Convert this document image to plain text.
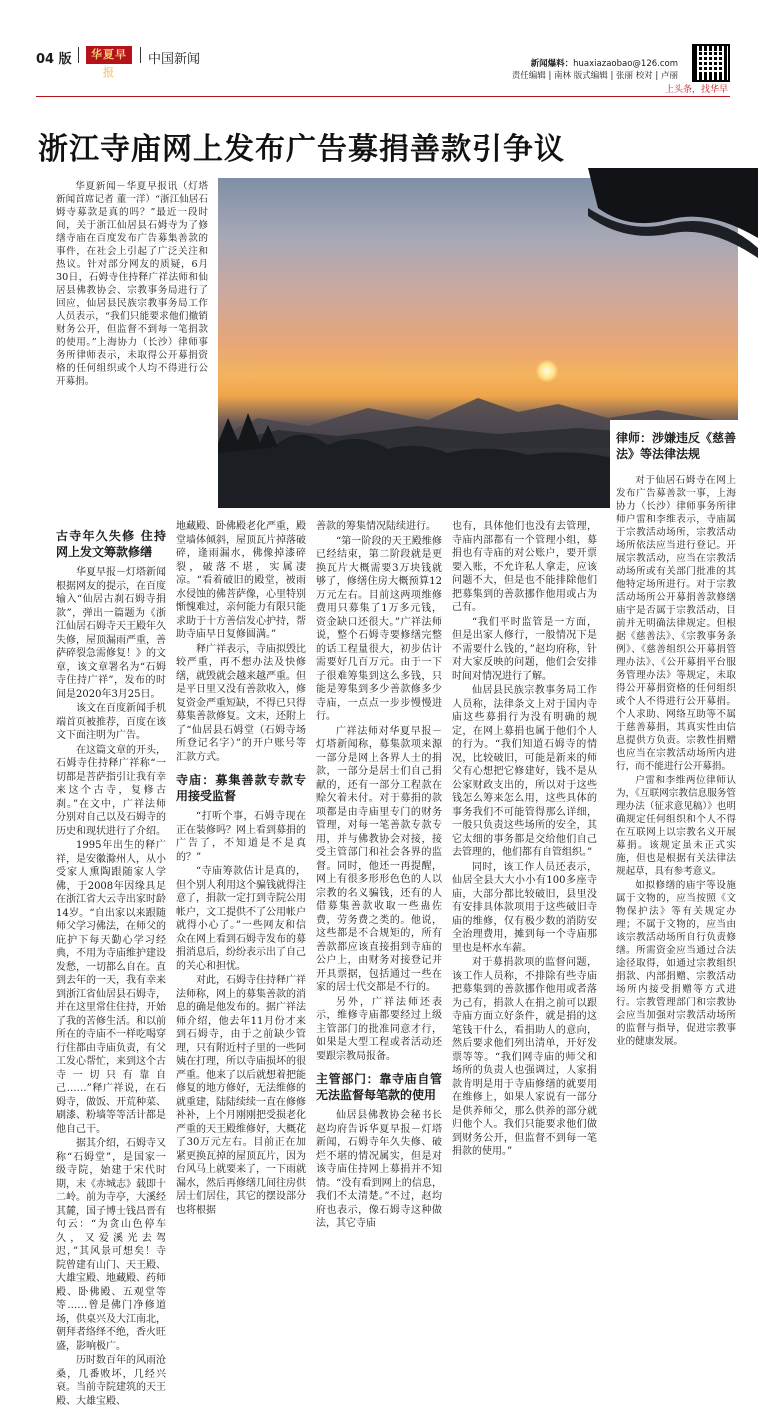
04 版	华夏早报
中国新闻	新闻爆料：huaxiazaobao@126.com
责任编辑 | 南林 版式编辑 | 张丽 校对 | 卢丽
上头条，找华早
浙江寺庙网上发布广告募捐善款引争议

华夏新闻－华夏早报讯（灯塔新闻首席记者 董一洋）“浙江仙居石姆寺募款是真的吗？”最近一段时间，关于浙江仙居县石姆寺为了修缮寺庙在百度发布广告募集善款的事件，在社会上引起了广泛关注和热议。针对部分网友的质疑，6月30日，石姆寺住持释广祥法师和仙居县佛教协会、宗教事务局进行了回应，仙居县民族宗教事务局工作人员表示，“我们只能要求他们撤销财务公开，但监督不到每一笔捐款的使用。”上海协力（长沙）律师事务所律师表示，未取得公开募捐资格的任何组织或个人均不得进行公开募捐。

古寺年久失修 住持网上发文筹款修缮

华夏早报－灯塔新闻根据网友的提示，在百度输入“仙居古刹石姆寺捐款”，弹出一篇题为《浙江仙居石姆寺天王殿年久失修，屋顶漏雨严重，善萨碎裂急需修复！》的文章，该文章署名为“石姆寺住持广祥”，发布的时间是2020年3月25日。

该文在百度新闻手机端首页被推荐，百度在该文下面注明为广告。

在这篇文章的开头，石姆寺住持释广祥称“一切都是菩萨指引让我有幸来这个古寺，复修古刹。”在文中，广祥法师分别对自己以及石姆寺的历史和现状进行了介绍。

1995年出生的释广祥，是安徽滁州人，从小受家人熏陶跟随家人学佛，于2008年因缘具足在浙江省大云寺出家时龄14岁。“自出家以来跟随师父学习佛法，在师父的庇护下每天勤心学习经典，不用为寺庙维护建设发愁，一切都么自在。直到去年的一天，我有幸来到浙江省仙居县石姆寺，并在这里常住住持，开始了我的苦修生活。和以前所在的寺庙不一样吃喝穿行住都由寺庙负责，有父工发心帮忙，来到这个古寺一切只有靠自己……”释广祥说，在石姆寺，做饭、开荒种菜、刷漆、粉墙等等活计都是他自己干。

据其介绍，石姆寺又称“石姆堂”，是国家一级寺院，始建于宋代时期，末《赤城志》载即十二岭。前为寺亭，大溪经其麓，国子博士钱昌晋有句云：“为贪山色停车久，又爱溪光去驾迟，”其风景可想矣！寺院曾建有山门、天王殿、大雄宝殿、地藏殿、药师殿、卧佛殿、五观堂等等……曾是佛门净修道场，供桌兴及大江南北，朝拜者络绎不绝，香火旺盛，影响极广。

历时数百年的风雨沧桑，几番败坏，几经兴衰。当前寺院建筑的天王殿、大雄宝殿、

地藏殿、卧佛殿老化严重，殿堂墙体倾斜，屋顶瓦片掉落破碎，逢雨漏水，佛像掉漆碎裂，破落不堪，实属凄凉。“看着破旧的殿堂，被雨水侵蚀的佛菩萨像，心里特别惭愧难过，亲何能力有限只能求助于十方善信发心护持，帮助寺庙早日复修圆满。”

释广祥表示，寺庙拟毁比较严重，再不想办法及快修缮，就毁就会越来越严重。但是平日里又没有善款收入，修复资金严重短缺，不得已只得募集善款修复。文末，还附上了“仙居县石姆堂（石姆寺场所登记名字）”的开户账号等汇款方式。

寺庙：募集善款专款专用接受监督

“打听个事，石姆寺现在正在装修吗？网上看到募捐的广告了，不知道是不是真的？”

“寺庙筹款估计是真的，但个别人利用这个骗钱就得注意了，捐款一定打到寺院公用帐户，文工提供不了公用帐户就得小心了。”一些网友和信众在网上看到石姆寺发布的募捐消息后，纷纷表示出了自己的关心和担忧。

对此，石姆寺住持释广祥法师称，网上的募集善款的消息的确是他发布的。据广祥法师介绍，他去年11月份才来到石姆寺，由于之前缺少管理，只有附近村子里的一些阿姨在打理，所以寺庙损坏的很严重。他来了以后就想着把能修复的地方修好，无法维修的就重建，陆陆续续一直在修修补补，上个月刚刚把受损老化严重的天王殿维修好，大概花了30万元左右。目前正在加紧更换瓦掉的屋顶瓦片，因为台风马上就要来了，一下雨就漏水，然后再修缮几间往房供居士们居住，其它的摆设部分也将根据

善款的筹集情况陆续进行。

“第一阶段的天王殿维修已经结束，第二阶段就是更换瓦片大概需要3万块钱就够了，修缮住房大概预算12万元左右。目前这两项维修费用只募集了1万多元钱，资金缺口还很大。”广祥法师说，整个石姆寺要修缮完整的话工程量很大，初步估计需要好几百万元。由于一下子很难筹集到这么多钱，只能是筹集到多少善款修多少寺庙，一点点一步步慢慢进行。

广祥法师对华夏早报－灯塔新闻称，募集款项来源一部分是网上各界人士的捐款，一部分是居士们自己捐献的，还有一部分工程款在赊欠着未付。对于募捐的款项都是由寺庙里专门的财务管理，对每一笔善款专款专用，并与佛教协会对接，接受主管部门和社会各界的监督。同时，他还一再提醒，网上有很多形形色色的人以宗教的名义骗钱，还有的人借募集善款收取一些蛊佐费，劳务费之类的。他说，这些都是不合规矩的，所有善款都应该直接捐到寺庙的公户上，由财务对接登记并开具票据，包括通过一些在家的居士代交都是不行的。

另外，广祥法师还表示，维修寺庙都要经过上级主管部门的批准同意才行，如果是大型工程或者活动还要跟宗教局报备。

主管部门：靠寺庙自管无法监督每笔款的使用

仙居县佛教协会秘书长赵均府告诉华夏早报－灯塔新闻，石姆寺年久失修、破烂不堪的情况属实，但是对该寺庙住持网上募捐并不知情。“没有看到网上的信息，我们不太清楚。”不过，赵均府也表示，像石姆寺这种做法，其它寺庙

也有，具体他们也没有去管理，寺庙内部都有一个管理小组，募捐也有寺庙的对公账户，要开票要入账，不允许私人拿走，应该问题不大，但是也不能排除他们把募集到的善款挪作他用或占为己有。

“我们平时监管是一方面，但是出家人修行，一般情况下是不需要什么钱的，”赵均府称，针对大家反映的问题，他们会安排时间对情况进行了解。

仙居县民族宗教事务局工作人员称，法律条文上对于国内寺庙这些募捐行为没有明确的规定，在网上募捐也属于他们个人的行为。“我们知道石姆寺的情况，比较破旧，可能是新来的师父有心想把它修建好，钱不是从公家财政支出的，所以对于这些钱怎么筹来怎么用，这些具体的事务我们不可能管得那么详细，一般只负责这些场所的安全，其它太细的事务都是交给他们自己去管理的，他们都有自管组织。”

同时，该工作人员还表示，仙居全县大大小小有100多座寺庙，大部分都比较破旧，县里没有安排具体款项用于这些破旧寺庙的维修，仅有极少数的消防安全治理费用，摊到每一个寺庙那里也是杯水车薪。

对于募捐款项的监督问题，该工作人员称，不排除有些寺庙把募集到的善款挪作他用或者落为己有，捐款人在捐之前可以跟寺庙方面立好条件，就是捐的这笔钱干什么，看捐助人的意向，然后要求他们列出清单，开好发票等等。“我们网寺庙的师父和场所的负责人也强调过，人家捐款肯明是用于寺庙修缮的就要用在维修上，如果人家说有一部分是供养师父，那么供养的部分就归他个人。我们只能要求他们做到财务公开，但监督不到每一笔捐款的使用。”

律师：涉嫌违反《慈善法》等法律法规

对于仙居石姆寺在网上发布广告募善款一事，上海协力（长沙）律师事务所律师户雷和李维表示，寺庙属于宗教活动场所，宗教活动场所依法应当进行登记。开展宗教活动，应当在宗教活动场所或有关部门批准的其他特定场所进行。对于宗教活动场所公开募捐善款修缮庙宇是否属于宗教活动，目前并无明确法律规定。但根据《慈善法》、《宗教事务条例》、《慈善组织公开募捐管理办法》、《公开募捐平台服务管理办法》等规定，未取得公开募捐资格的任何组织或个人不得进行公开募捐。个人求助、网络互助等不属于慈善募捐，其真实性由信息提供方负责。宗教性捐赠也应当在宗教活动场所内进行，而不能进行公开募捐。

户雷和李维两位律师认为，《互联网宗教信息服务管理办法（征求意见稿）》也明确规定任何组织和个人不得在互联网上以宗教名义开展募捐。该规定虽未正式实施，但也是根据有关法律法规起草，具有参考意义。

如拟修缮的庙宇等设施属于文物的，应当按照《文物保护法》等有关规定办理；不属于文物的，应当由该宗教活动场所自行负责修缮。所需资金应当通过合法途径取得，如通过宗教组织捐款、内部捐赠、宗教活动场所内接受捐赠等方式进行。宗教管理部门和宗教协会应当加强对宗教活动场所的监督与指导，促进宗教事业的健康发展。
